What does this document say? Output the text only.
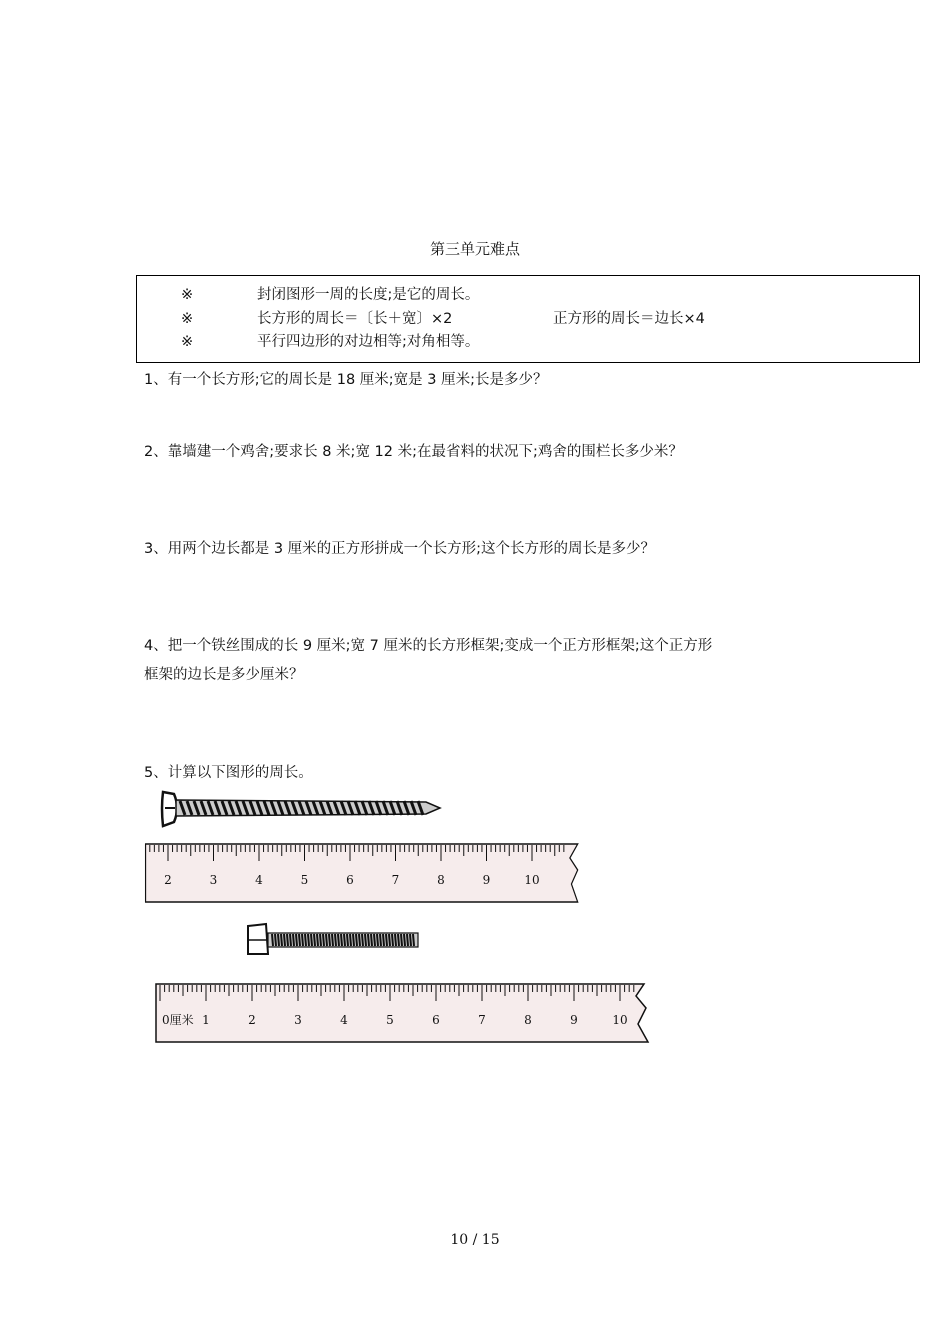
第三单元难点
※	封闭图形一周的长度;是它的周长。
※	长方形的周长＝〔长＋宽〕×2	正方形的周长＝边长×4
※	平行四边形的对边相等;对角相等。
1、有一个长方形;它的周长是 18 厘米;宽是 3 厘米;长是多少？
2、靠墙建一个鸡舍;要求长 8 米;宽 12 米;在最省料的状况下;鸡舍的围栏长多少米？
3、用两个边长都是 3 厘米的正方形拼成一个长方形;这个长方形的周长是多少？
4、把一个铁丝围成的长 9 厘米;宽 7 厘米的长方形框架;变成一个正方形框架;这个正方形
框架的边长是多少厘米？
5、计算以下图形的周长。
2	3	4	5	6	7	8	9	10
0厘米 1	2	3	4	5	6	7	8	9	10
10 / 15
